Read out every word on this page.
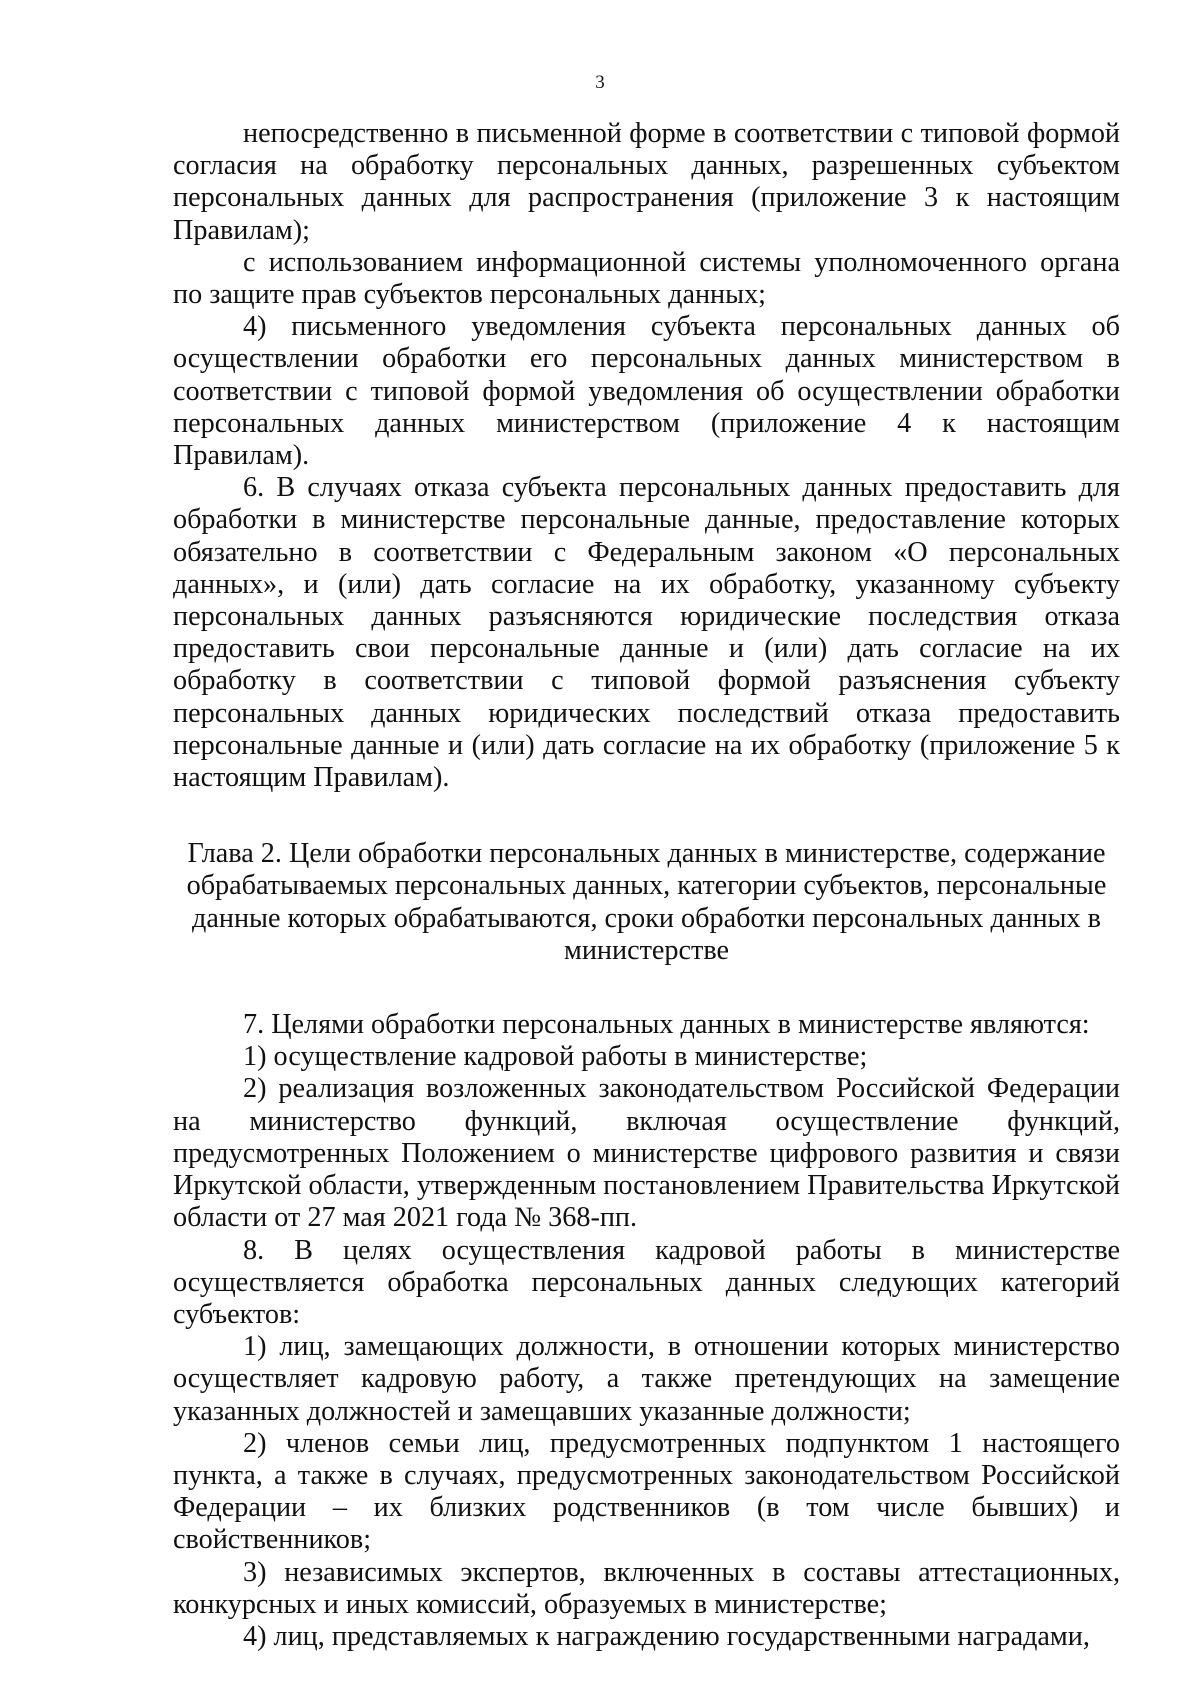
3

непосредственно в письменной форме в соответствии с типовой формой согласия на обработку персональных данных, разрешенных субъектом персональных данных для распространения (приложение 3 к настоящим Правилам);

с использованием информационной системы уполномоченного органа по защите прав субъектов персональных данных;

4) письменного уведомления субъекта персональных данных об осуществлении обработки его персональных данных министерством в соответствии с типовой формой уведомления об осуществлении обработки персональных данных министерством (приложение 4 к настоящим Правилам).

6. В случаях отказа субъекта персональных данных предоставить для обработки в министерстве персональные данные, предоставление которых обязательно в соответствии с Федеральным законом «О персональных данных», и (или) дать согласие на их обработку, указанному субъекту персональных данных разъясняются юридические последствия отказа предоставить свои персональные данные и (или) дать согласие на их обработку в соответствии с типовой формой разъяснения субъекту персональных данных юридических последствий отказа предоставить персональные данные и (или) дать согласие на их обработку (приложение 5 к настоящим Правилам).

Глава 2. Цели обработки персональных данных в министерстве, содержание обрабатываемых персональных данных, категории субъектов, персональные данные которых обрабатываются, сроки обработки персональных данных в министерстве

7. Целями обработки персональных данных в министерстве являются:

1) осуществление кадровой работы в министерстве;

2) реализация возложенных законодательством Российской Федерации на министерство функций, включая осуществление функций, предусмотренных Положением о министерстве цифрового развития и связи Иркутской области, утвержденным постановлением Правительства Иркутской области от 27 мая 2021 года № 368-пп.

8. В целях осуществления кадровой работы в министерстве осуществляется обработка персональных данных следующих категорий субъектов:

1) лиц, замещающих должности, в отношении которых министерство осуществляет кадровую работу, а также претендующих на замещение указанных должностей и замещавших указанные должности;

2) членов семьи лиц, предусмотренных подпунктом 1 настоящего пункта, а также в случаях, предусмотренных законодательством Российской Федерации – их близких родственников (в том числе бывших) и свойственников;

3) независимых экспертов, включенных в составы аттестационных, конкурсных и иных комиссий, образуемых в министерстве;

4) лиц, представляемых к награждению государственными наградами,
